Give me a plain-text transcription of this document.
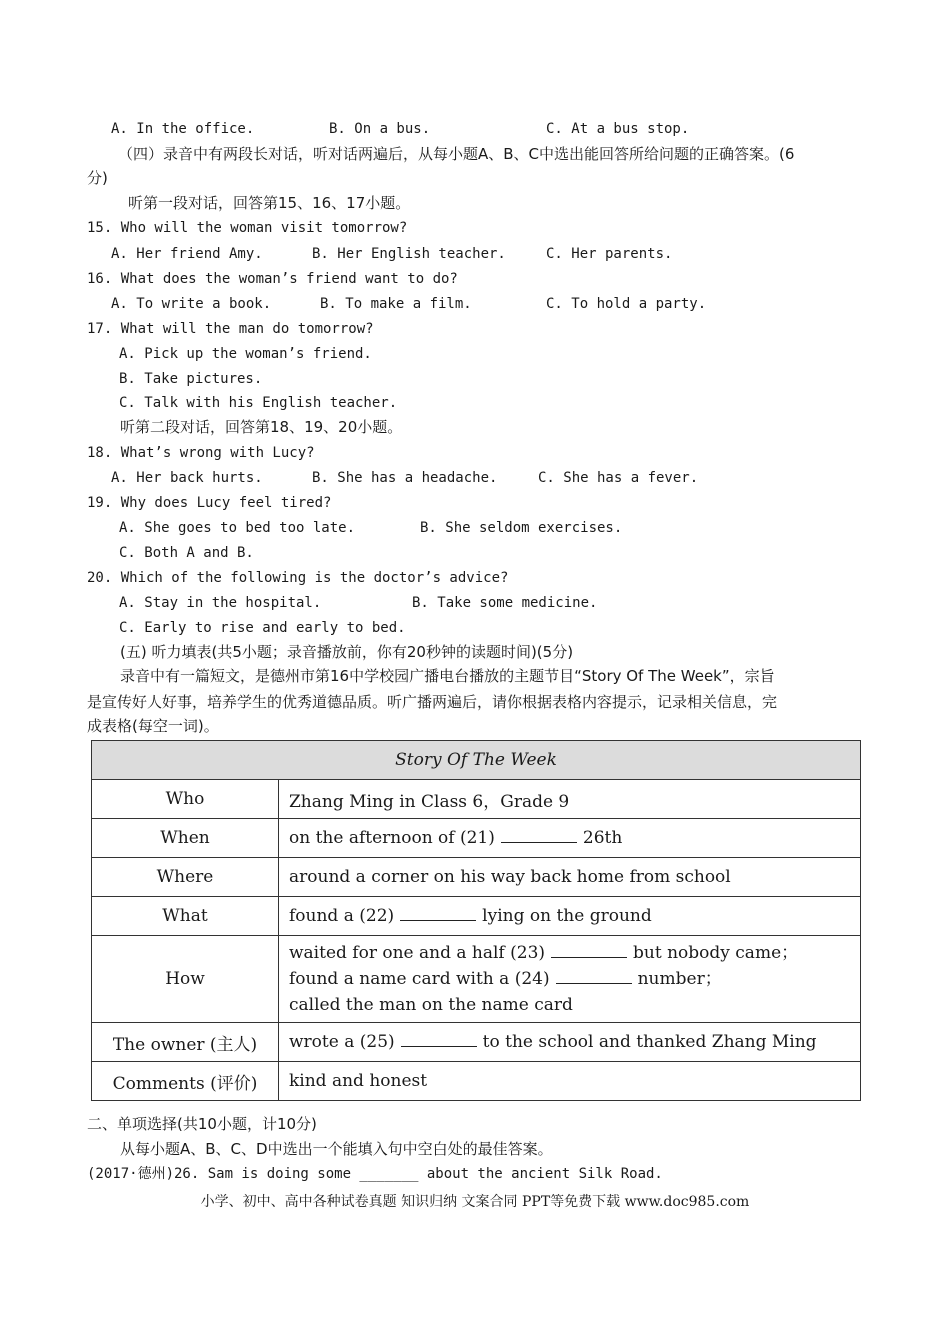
A. In the office.	B. On a bus.	C. At a bus stop.
（四）录音中有两段长对话，听对话两遍后，从每小题A、B、C中选出能回答所给问题的正确答案。(6
分)
听第一段对话，回答第15、16、17小题。
15. Who will the woman visit tomorrow?
A. Her friend Amy.	B. Her English teacher.	C. Her parents.
16. What does the woman’s friend want to do?
A. To write a book.	B. To make a film.	C. To hold a party.
17. What will the man do tomorrow?
A. Pick up the woman’s friend.
B. Take pictures.
C. Talk with his English teacher.
听第二段对话，回答第18、19、20小题。
18. What’s wrong with Lucy?
A. Her back hurts.	B. She has a headache.	C. She has a fever.
19. Why does Lucy feel tired?
A. She goes to bed too late.	B. She seldom exercises.
C. Both A and B.
20. Which of the following is the doctor’s advice?
A. Stay in the hospital.	B. Take some medicine.
C. Early to rise and early to bed.
(五) 听力填表(共5小题；录音播放前，你有20秒钟的读题时间)(5分)
录音中有一篇短文，是德州市第16中学校园广播电台播放的主题节目“Story Of The Week”，宗旨
是宣传好人好事，培养学生的优秀道德品质。听广播两遍后，请你根据表格内容提示，记录相关信息，完
成表格(每空一词)。
Story Of The Week	
Who	Zhang Ming in Class 6，Grade 9
When	on the afternoon of (21) 26th
Where	around a corner on his way back home from school
What	found a (22) lying on the ground
How	waited for one and a half (23) but nobody came；
found a name card with a (24) number；
called the man on the name card

The owner (主人)	wrote a (25) to the school and thanked Zhang Ming
Comments (评价)	kind and honest
二、单项选择(共10小题，计10分)
从每小题A、B、C、D中选出一个能填入句中空白处的最佳答案。
(2017·德州)26. Sam is doing some _______ about the ancient Silk Road.
小学、初中、高中各种试卷真题 知识归纳 文案合同 PPT等免费下载 www.doc985.com
